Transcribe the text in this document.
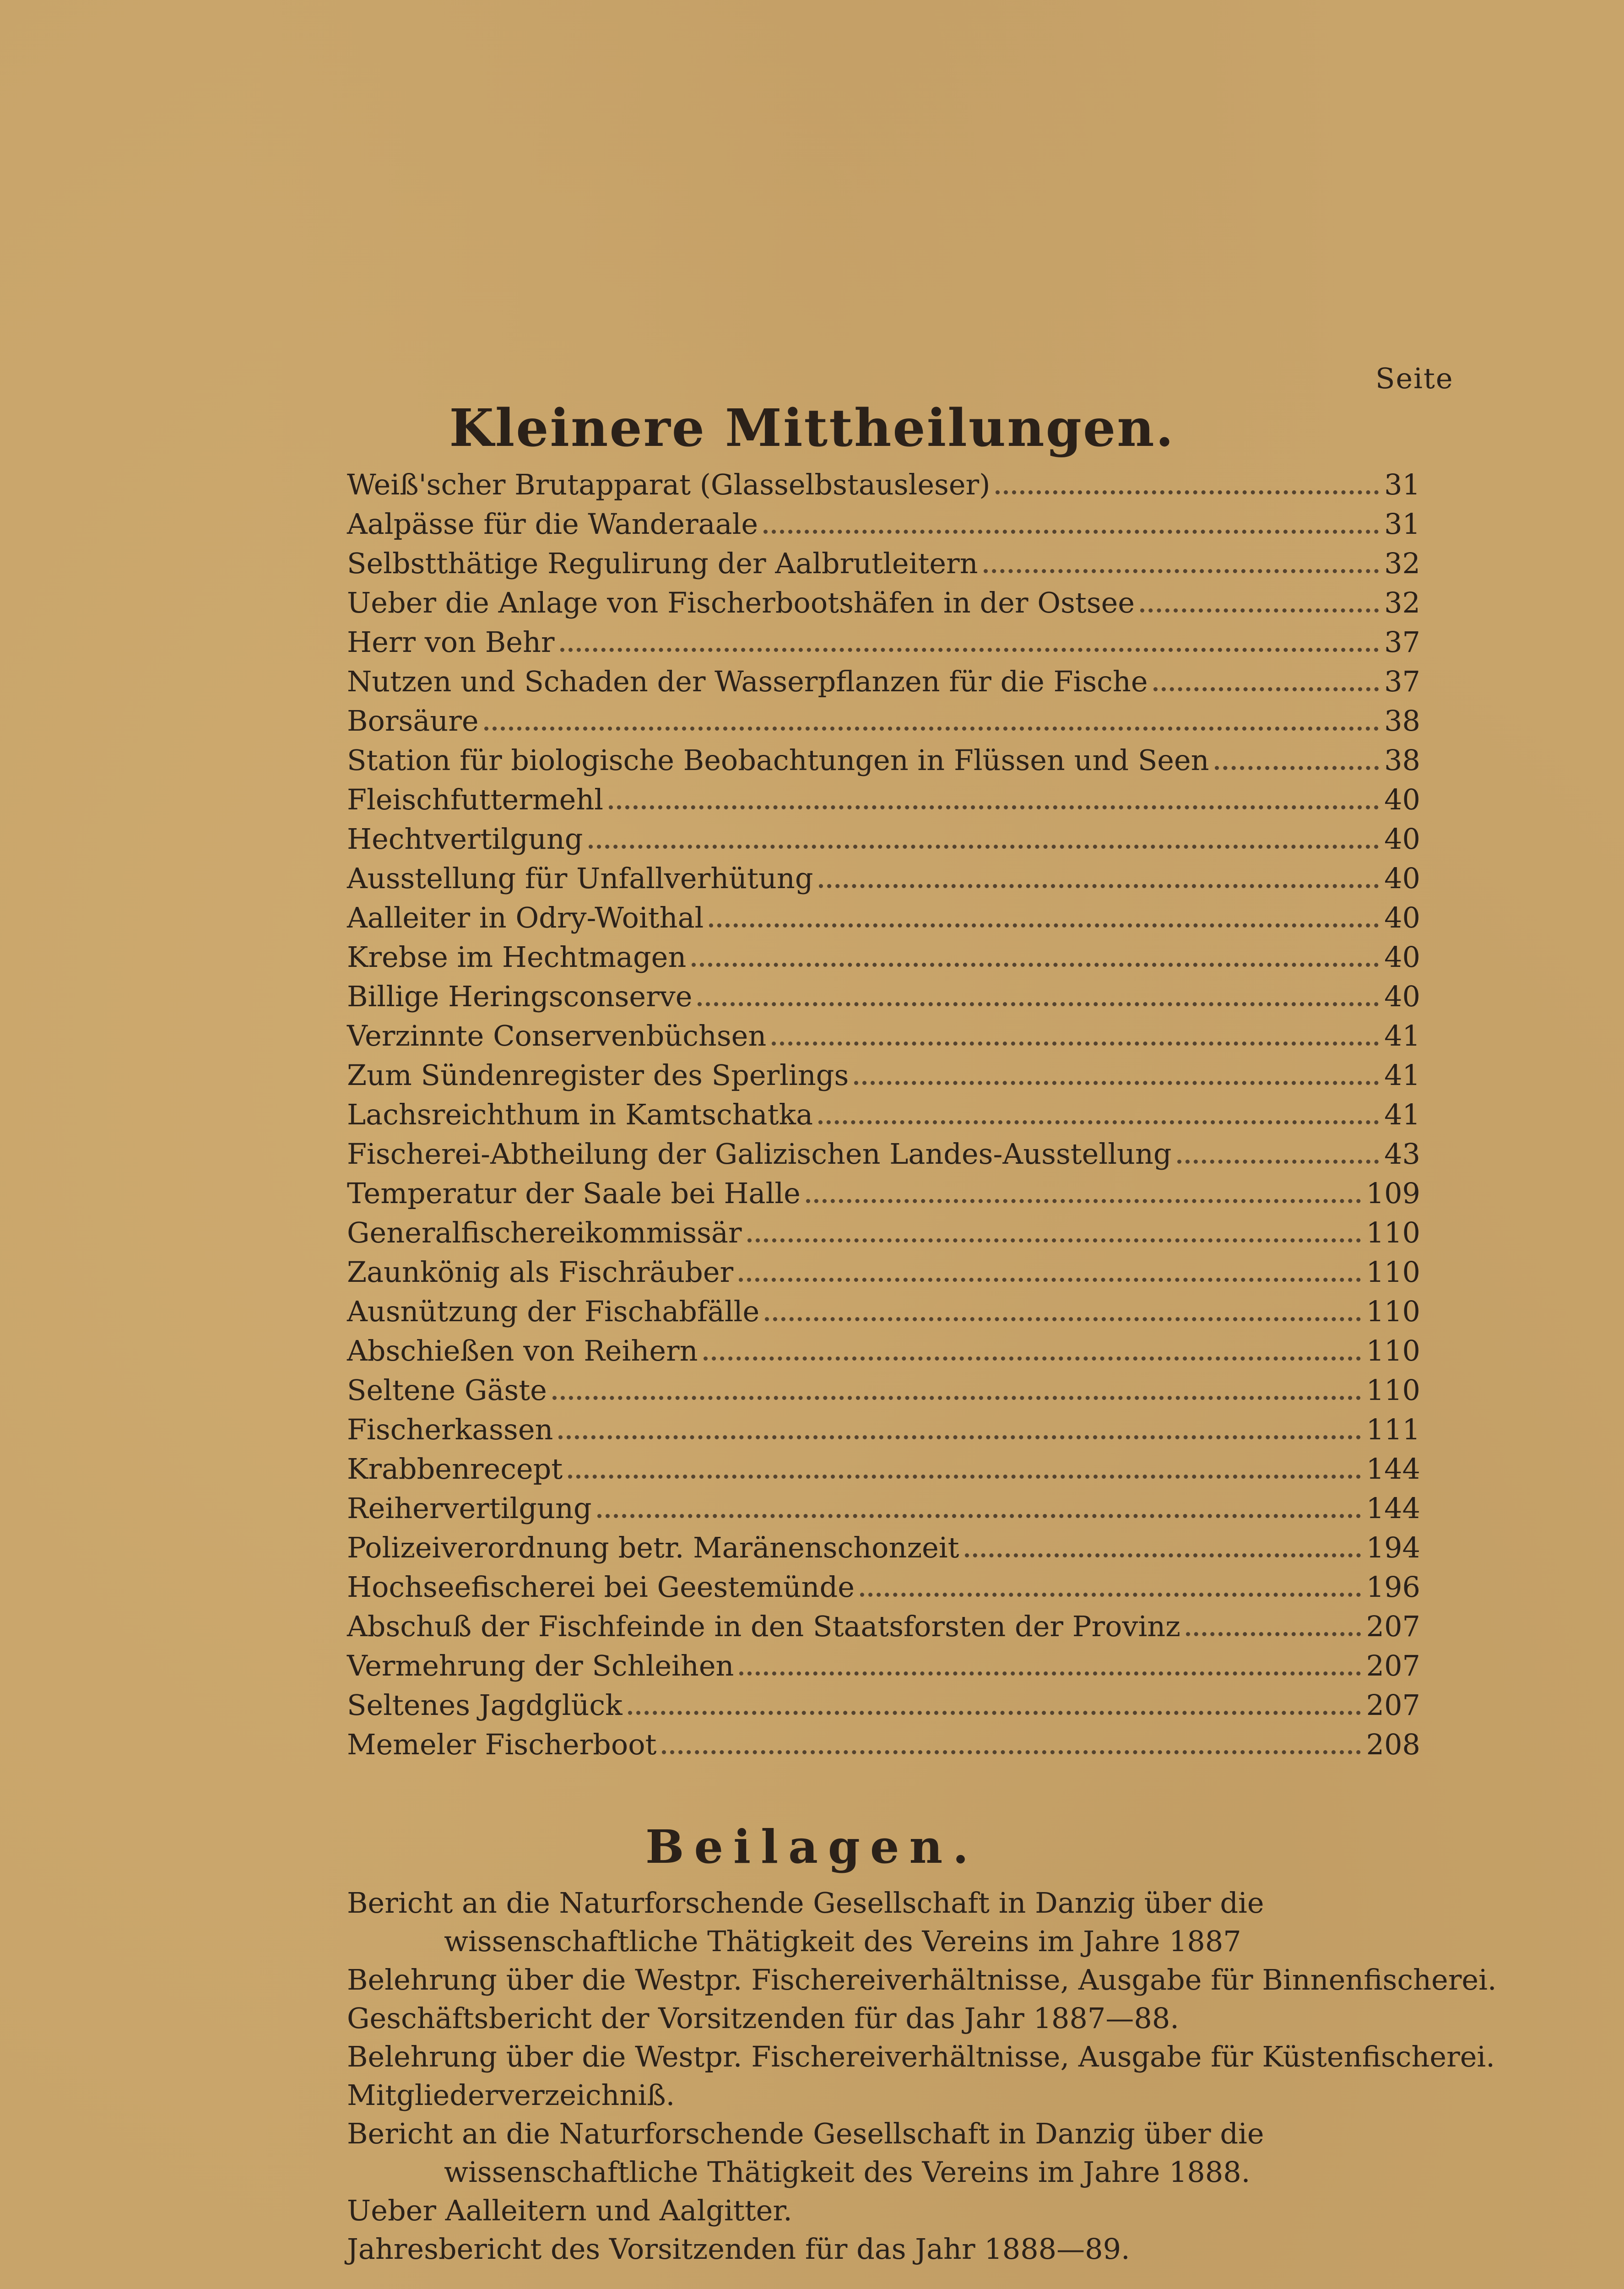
Seite
Kleinere Mittheilungen.
Weiß'scher Brutapparat (Glasselbstausleser)	31
Aalpässe für die Wanderaale	31
Selbstthätige Regulirung der Aalbrutleitern	32
Ueber die Anlage von Fischerbootshäfen in der Ostsee	32
Herr von Behr	37
Nutzen und Schaden der Wasserpflanzen für die Fische	37
Borsäure	38
Station für biologische Beobachtungen in Flüssen und Seen	38
Fleischfuttermehl	40
Hechtvertilgung	40
Ausstellung für Unfallverhütung	40
Aalleiter in Odry-Woithal	40
Krebse im Hechtmagen	40
Billige Heringsconserve	40
Verzinnte Conservenbüchsen	41
Zum Sündenregister des Sperlings	41
Lachsreichthum in Kamtschatka	41
Fischerei-Abtheilung der Galizischen Landes-Ausstellung	43
Temperatur der Saale bei Halle	109
Generalfischereikommissär	110
Zaunkönig als Fischräuber	110
Ausnützung der Fischabfälle	110
Abschießen von Reihern	110
Seltene Gäste	110
Fischerkassen	111
Krabbenrecept	144
Reihervertilgung	144
Polizeiverordnung betr. Maränenschonzeit	194
Hochseefischerei bei Geestemünde	196
Abschuß der Fischfeinde in den Staatsforsten der Provinz	207
Vermehrung der Schleihen	207
Seltenes Jagdglück	207
Memeler Fischerboot	208
Beilagen.
Bericht an die Naturforschende Gesellschaft in Danzig über die wissenschaftliche Thätigkeit des Vereins im Jahre 1887
Belehrung über die Westpr. Fischereiverhältnisse, Ausgabe für Binnenfischerei.
Geschäftsbericht der Vorsitzenden für das Jahr 1887—88.
Belehrung über die Westpr. Fischereiverhältnisse, Ausgabe für Küstenfischerei.
Mitgliederverzeichniß.
Bericht an die Naturforschende Gesellschaft in Danzig über die wissenschaftliche Thätigkeit des Vereins im Jahre 1888.
Ueber Aalleitern und Aalgitter.
Jahresbericht des Vorsitzenden für das Jahr 1888—89.
